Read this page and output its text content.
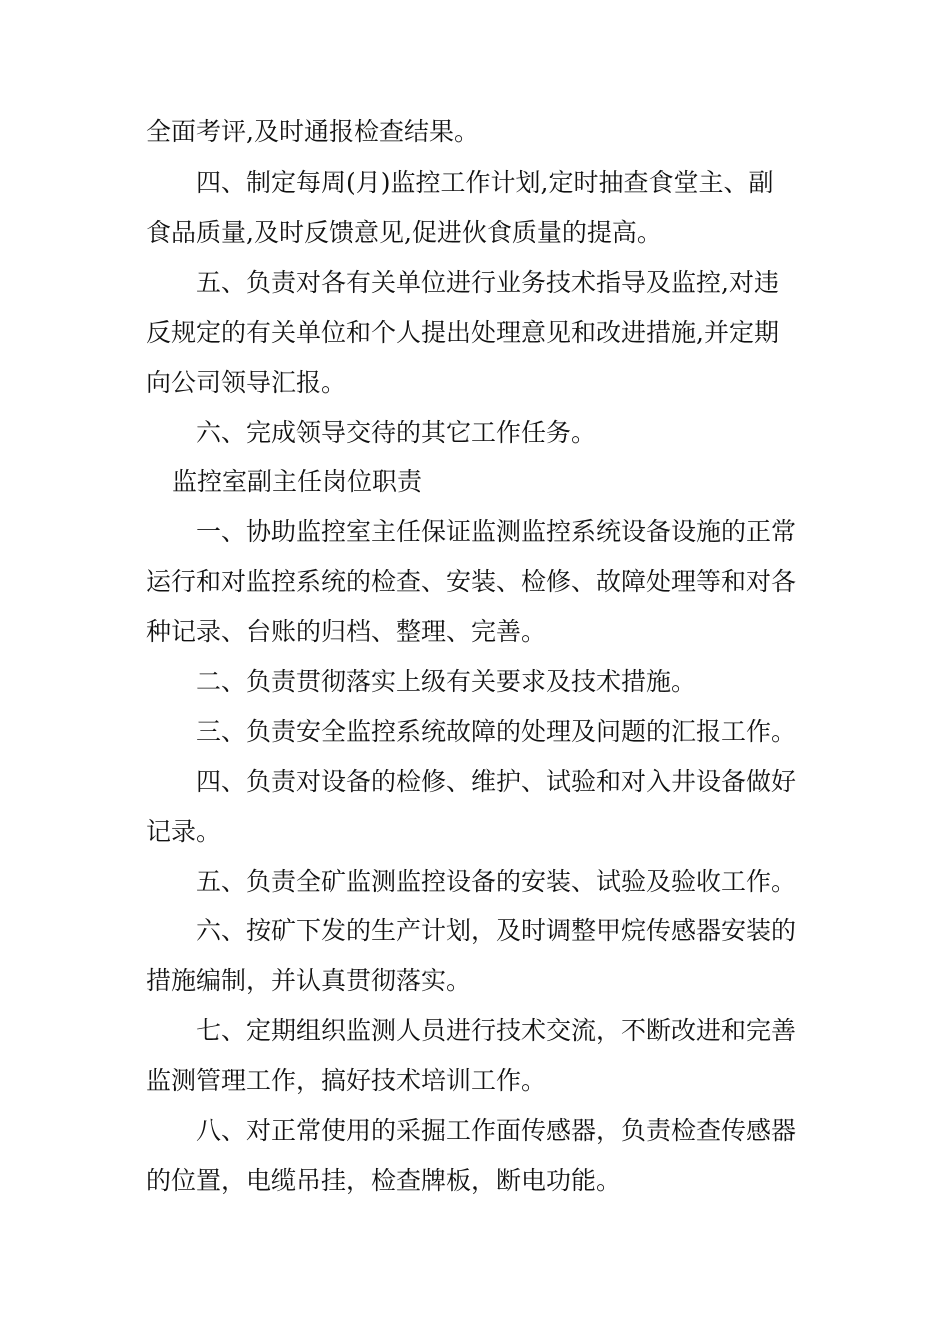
全面考评,及时通报检查结果。
四、制定每周(月)监控工作计划,定时抽查食堂主、副
食品质量,及时反馈意见,促进伙食质量的提高。
五、负责对各有关单位进行业务技术指导及监控,对违
反规定的有关单位和个人提出处理意见和改进措施,并定期
向公司领导汇报。
六、完成领导交待的其它工作任务。
监控室副主任岗位职责
一、协助监控室主任保证监测监控系统设备设施的正常
运行和对监控系统的检查、安装、检修、故障处理等和对各
种记录、台账的归档、整理、完善。
二、负责贯彻落实上级有关要求及技术措施。
三、负责安全监控系统故障的处理及问题的汇报工作。
四、负责对设备的检修、维护、试验和对入井设备做好
记录。
五、负责全矿监测监控设备的安装、试验及验收工作。
六、按矿下发的生产计划，及时调整甲烷传感器安装的
措施编制，并认真贯彻落实。
七、定期组织监测人员进行技术交流，不断改进和完善
监测管理工作，搞好技术培训工作。
八、对正常使用的采掘工作面传感器，负责检查传感器
的位置，电缆吊挂，检查牌板，断电功能。
